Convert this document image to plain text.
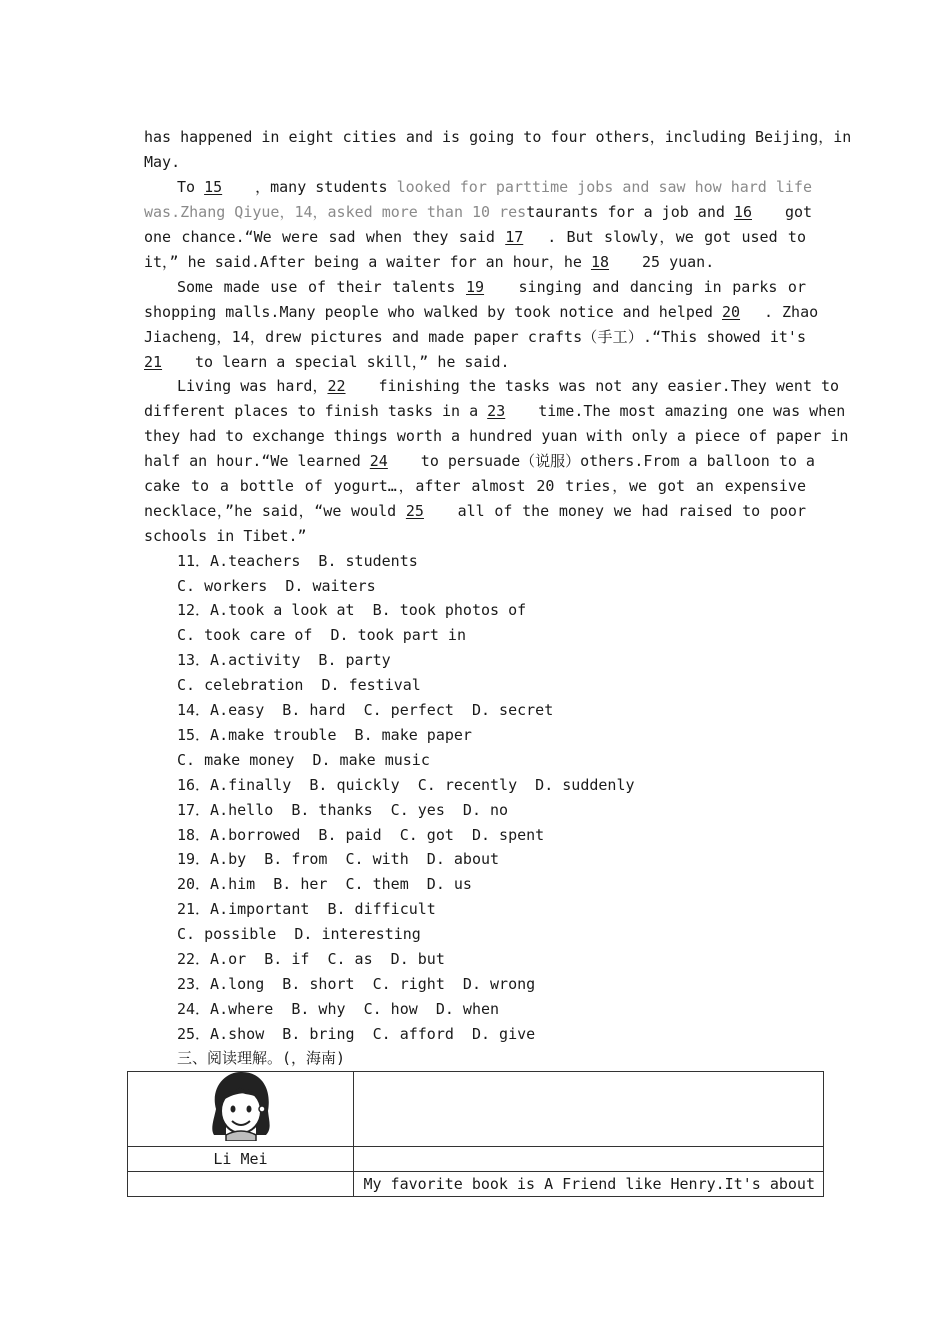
has happened in eight cities and is going to four others，including Beijing，in
May.
To 15 ，many students looked for parttime jobs and saw how hard life
was.Zhang Qiyue，14，asked more than 10 restaurants for a job and 16 got
one chance.“We were sad when they said 17 . But slowly，we got used to
it，” he said.After being a waiter for an hour，he 18 25 yuan.
Some made use of their talents 19 singing and dancing in parks or
shopping malls.Many people who walked by took notice and helped 20 . Zhao
Jiacheng，14，drew pictures and made paper crafts（手工）.“This showed it's
21 to learn a special skill，” he said.
Living was hard，22 finishing the tasks was not any easier.They went to
different places to finish tasks in a 23 time.The most amazing one was when
they had to exchange things worth a hundred yuan with only a piece of paper in
half an hour.“We learned 24 to persuade（说服）others.From a balloon to a
cake to a bottle of yogurt…，after almost 20 tries，we got an expensive
necklace，”he said，“we would 25 all of the money we had raised to poor
schools in Tibet.”
11．A.teachers  B. students
C. workers  D. waiters
12．A.took a look at  B. took photos of
C. took care of  D. took part in
13．A.activity  B. party
C. celebration  D. festival
14．A.easy  B. hard  C. perfect  D. secret
15．A.make trouble  B. make paper
C. make money  D. make music
16．A.finally  B. quickly  C. recently  D. suddenly
17．A.hello  B. thanks  C. yes  D. no
18．A.borrowed  B. paid  C. got  D. spent
19．A.by  B. from  C. with  D. about
20．A.him  B. her  C. them  D. us
21．A.important  B. difficult
C. possible  D. interesting
22．A.or  B. if  C. as  D. but
23．A.long  B. short  C. right  D. wrong
24．A.where  B. why  C. how  D. when
25．A.show  B. bring  C. afford  D. give
三、阅读理解。(，海南)

Li Mei	
	My favorite book is A Friend like Henry.It's about
